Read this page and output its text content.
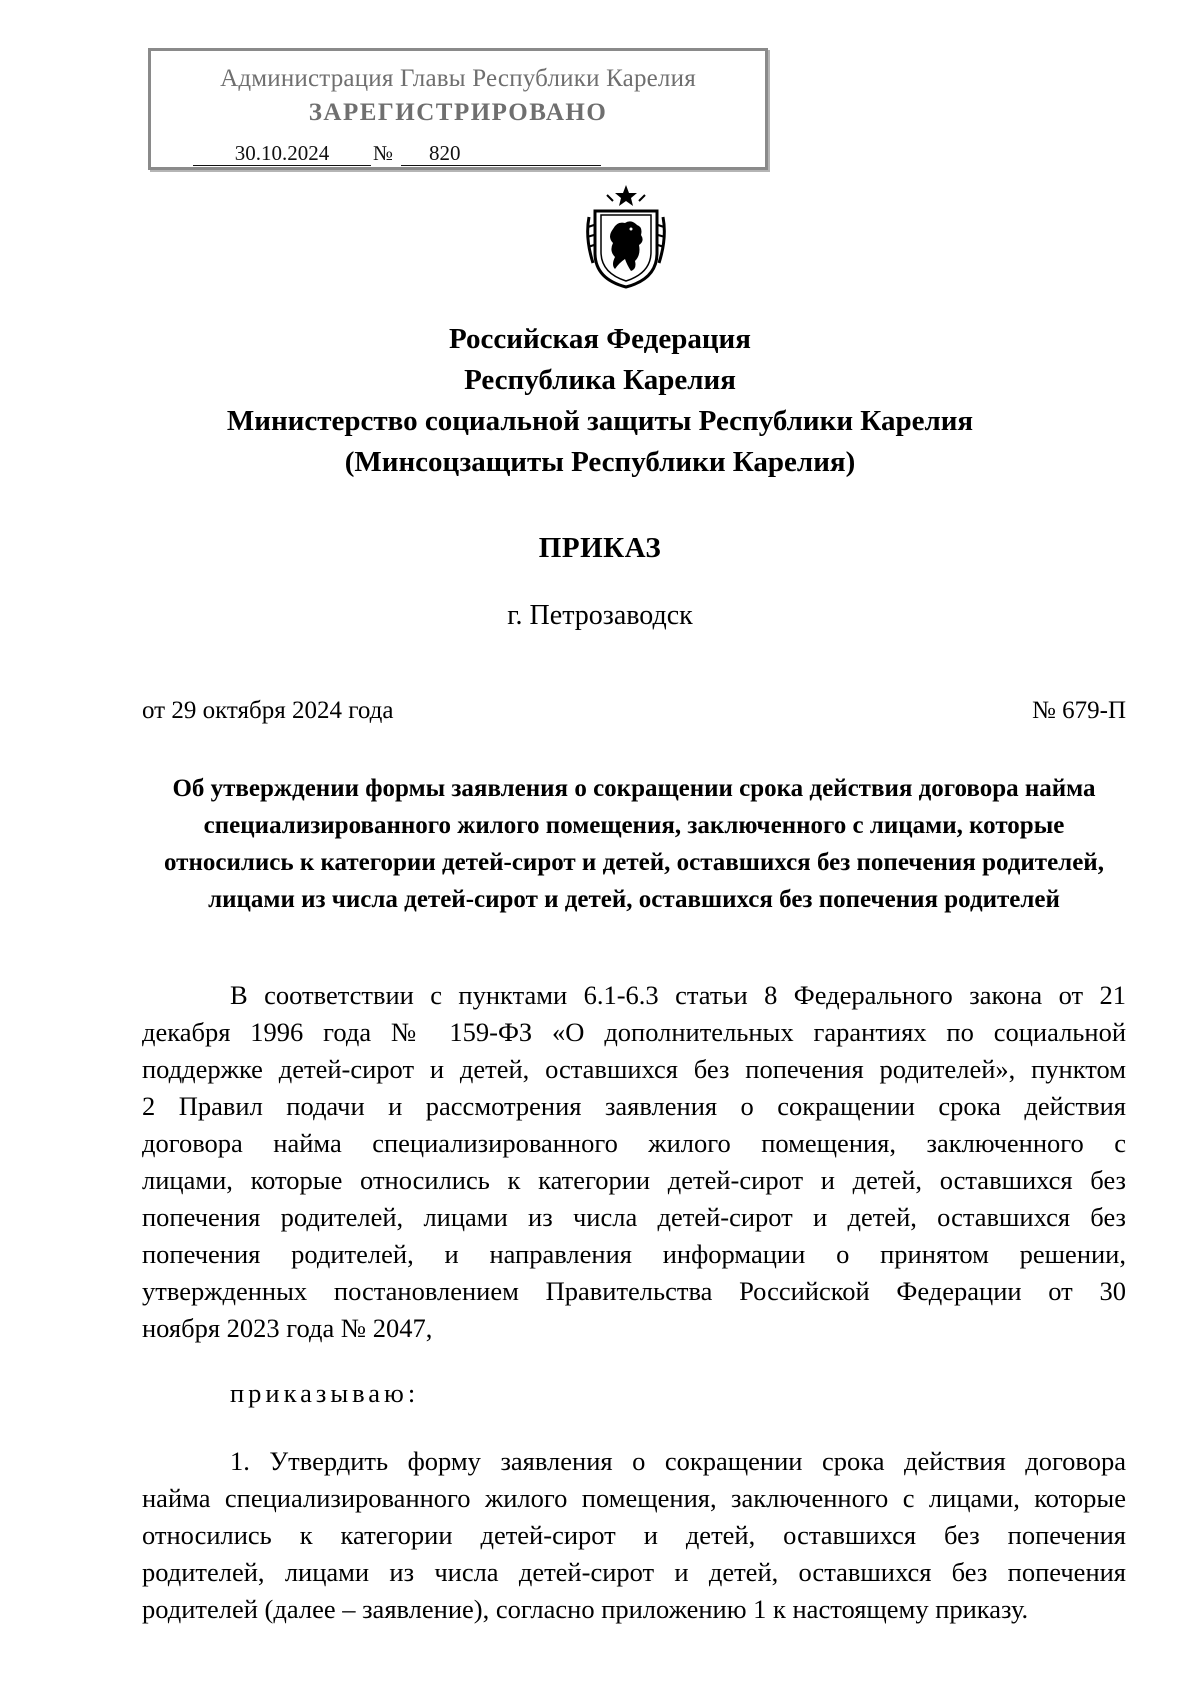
Администрация Главы Республики Карелия
ЗАРЕГИСТРИРОВАНО
30.10.2024	№	820
Российская Федерация
Республика Карелия
Министерство социальной защиты Республики Карелия
(Минсоцзащиты Республики Карелия)
ПРИКАЗ
г. Петрозаводск
от 29 октября 2024 года	№ 679-П
Об утверждении формы заявления о сокращении срока действия договора найма специализированного жилого помещения, заключенного с лицами, которые относились к категории детей-сирот и детей, оставшихся без попечения родителей, лицами из числа детей-сирот и детей, оставшихся без попечения родителей
В соответствии с пунктами 6.1-6.3 статьи 8 Федерального закона от 21
декабря 1996 года № 159-ФЗ «О дополнительных гарантиях по социальной
поддержке детей-сирот и детей, оставшихся без попечения родителей», пунктом
2 Правил подачи и рассмотрения заявления о сокращении срока действия
договора найма специализированного жилого помещения, заключенного с
лицами, которые относились к категории детей-сирот и детей, оставшихся без
попечения родителей, лицами из числа детей-сирот и детей, оставшихся без
попечения родителей, и направления информации о принятом решении,
утвержденных постановлением Правительства Российской Федерации от 30
ноября 2023 года № 2047,
приказываю:
1. Утвердить форму заявления о сокращении срока действия договора
найма специализированного жилого помещения, заключенного с лицами, которые
относились к категории детей-сирот и детей, оставшихся без попечения
родителей, лицами из числа детей-сирот и детей, оставшихся без попечения
родителей (далее – заявление), согласно приложению 1 к настоящему приказу.
